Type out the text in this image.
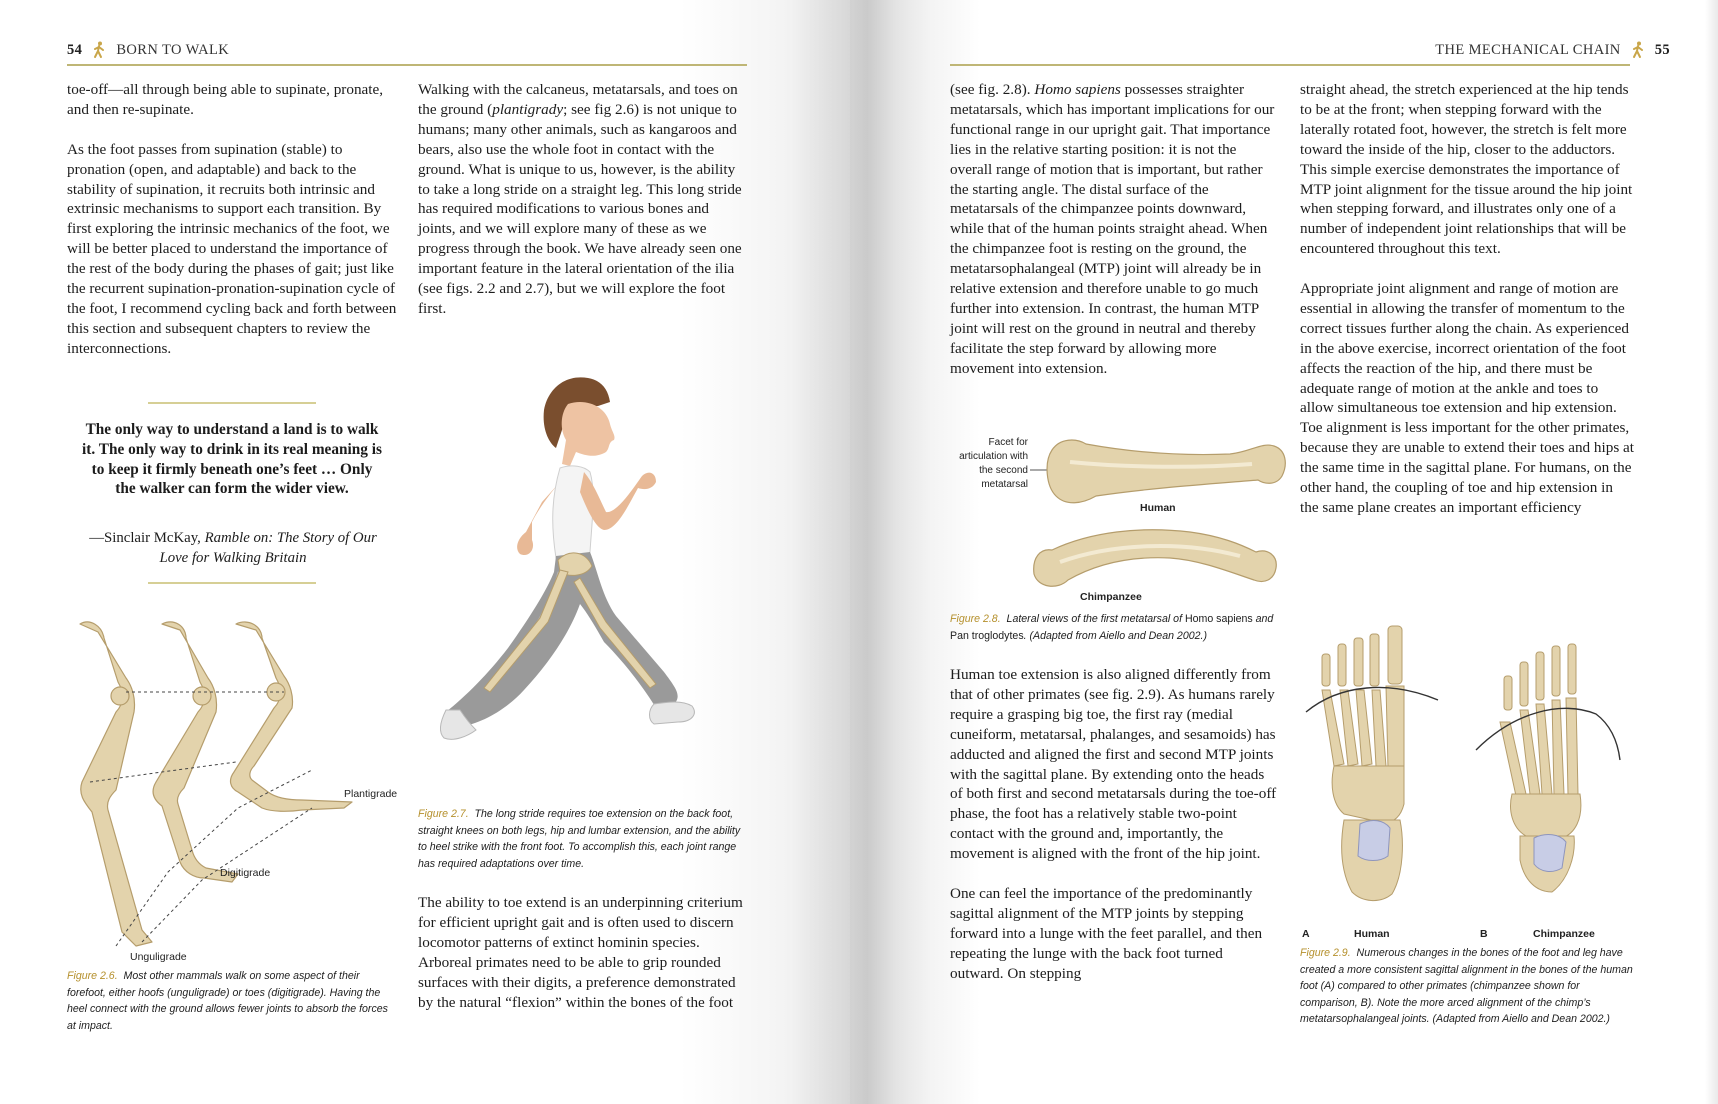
54 BORN TO WALK

toe-off—all through being able to supinate, pronate, and then re-supinate.

As the foot passes from supination (stable) to pronation (open, and adaptable) and back to the stability of supination, it recruits both intrinsic and extrinsic mechanisms to support each transition. By first exploring the intrinsic mechanics of the foot, we will be better placed to understand the importance of the rest of the body during the phases of gait; just like the recurrent supination-pronation-supination cycle of the foot, I recommend cycling back and forth between this section and subsequent chapters to review the interconnections.

The only way to understand a land is to walk it. The only way to drink in its real meaning is to keep it firmly beneath one’s feet … Only the walker can form the wider view.
—Sinclair McKay, Ramble on: The Story of Our Love for Walking Britain
Plantigrade
Digitigrade
Unguligrade
Figure 2.6. Most other mammals walk on some aspect of their forefoot, either hoofs (unguligrade) or toes (digitigrade). Having the heel connect with the ground allows fewer joints to absorb the forces at impact.

Walking with the calcaneus, metatarsals, and toes on the ground (plantigrady; see fig 2.6) is not unique to humans; many other animals, such as kangaroos and bears, also use the whole foot in contact with the ground. What is unique to us, however, is the ability to take a long stride on a straight leg. This long stride has required modifications to various bones and joints, and we will explore many of these as we progress through the book. We have already seen one important feature in the lateral orientation of the ilia (see figs. 2.2 and 2.7), but we will explore the foot first.

Figure 2.7. The long stride requires toe extension on the back foot, straight knees on both legs, hip and lumbar extension, and the ability to heel strike with the front foot. To accomplish this, each joint range has required adaptations over time.

The ability to toe extend is an underpinning criterium for efficient upright gait and is often used to discern locomotor patterns of extinct hominin species. Arboreal primates need to be able to grip rounded surfaces with their digits, a preference demonstrated by the natural “flexion” within the bones of the foot

THE MECHANICAL CHAIN 55

(see fig. 2.8). Homo sapiens possesses straighter metatarsals, which has important implications for our functional range in our upright gait. That importance lies in the relative starting position: it is not the overall range of motion that is important, but rather the starting angle. The distal surface of the metatarsals of the chimpanzee points downward, while that of the human points straight ahead. When the chimpanzee foot is resting on the ground, the metatarsophalangeal (MTP) joint will already be in relative extension and therefore unable to go much further into extension. In contrast, the human MTP joint will rest on the ground in neutral and thereby facilitate the step forward by allowing more movement into extension.

Facet for articulation with the second metatarsal
Human
Chimpanzee
Figure 2.8. Lateral views of the first metatarsal of Homo sapiens and Pan troglodytes. (Adapted from Aiello and Dean 2002.)

Human toe extension is also aligned differently from that of other primates (see fig. 2.9). As humans rarely require a grasping big toe, the first ray (medial cuneiform, metatarsal, phalanges, and sesamoids) has adducted and aligned the first and second MTP joints with the sagittal plane. By extending onto the heads of both first and second metatarsals during the toe-off phase, the foot has a relatively stable two-point contact with the ground and, importantly, the movement is aligned with the front of the hip joint.

One can feel the importance of the predominantly sagittal alignment of the MTP joints by stepping forward into a lunge with the feet parallel, and then repeating the lunge with the back foot turned outward. On stepping

straight ahead, the stretch experienced at the hip tends to be at the front; when stepping forward with the laterally rotated foot, however, the stretch is felt more toward the inside of the hip, closer to the adductors. This simple exercise demonstrates the importance of MTP joint alignment for the tissue around the hip joint when stepping forward, and illustrates only one of a number of independent joint relationships that will be encountered throughout this text.

Appropriate joint alignment and range of motion are essential in allowing the transfer of momentum to the correct tissues further along the chain. As experienced in the above exercise, incorrect orientation of the foot affects the reaction of the hip, and there must be adequate range of motion at the ankle and toes to allow simultaneous toe extension and hip extension. Toe alignment is less important for the other primates, because they are unable to extend their toes and hips at the same time in the sagittal plane. For humans, on the other hand, the coupling of toe and hip extension in the same plane creates an important efficiency

A	Human	B	Chimpanzee
Figure 2.9. Numerous changes in the bones of the foot and leg have created a more consistent sagittal alignment in the bones of the human foot (A) compared to other primates (chimpanzee shown for comparison, B). Note the more arced alignment of the chimp’s metatarsophalangeal joints. (Adapted from Aiello and Dean 2002.)
